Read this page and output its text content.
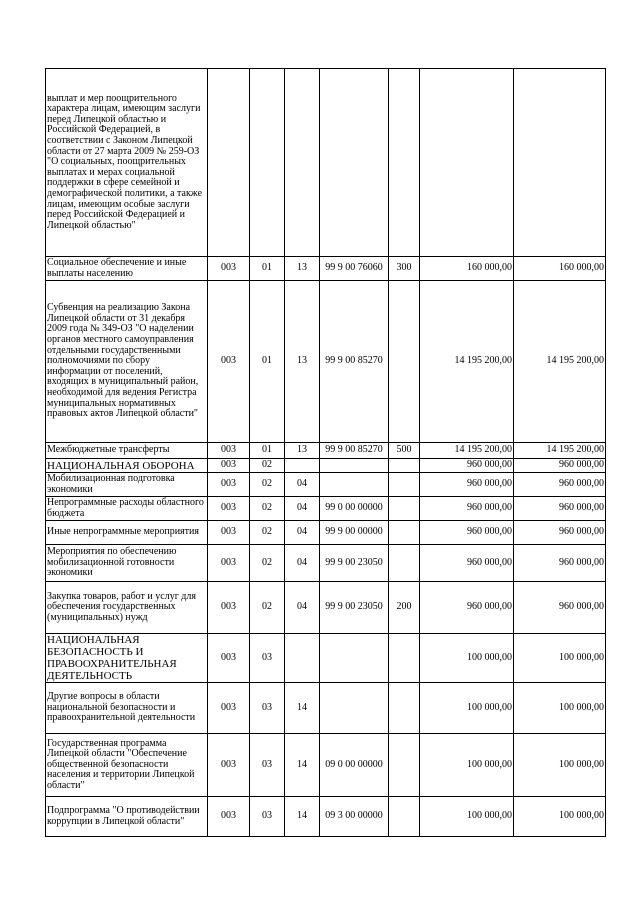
выплат и мер поощрительного характера лицам, имеющим заслуги перед Липецкой областью и Российской Федерацией, в соответствии с Законом Липецкой области от 27 марта 2009 № 259-ОЗ "О социальных, поощрительных выплатах и мерах социальной поддержки в сфере семейной и демографической политики, а также лицам, имеющим особые заслуги перед Российской Федерацией и Липецкой областью"							
Социальное обеспечение и иные выплаты населению	003	01	13	99 9 00 76060	300	160 000,00	160 000,00
Субвенция на реализацию Закона Липецкой области от 31 декабря 2009 года № 349-ОЗ "О наделении органов местного самоуправления отдельными государственными полномочиями по сбору информации от поселений, входящих в муниципальный район, необходимой для ведения Регистра муниципальных нормативных правовых актов Липецкой области"	003	01	13	99 9 00 85270		14 195 200,00	14 195 200,00
Межбюджетные трансферты	003	01	13	99 9 00 85270	500	14 195 200,00	14 195 200,00
НАЦИОНАЛЬНАЯ ОБОРОНА	003	02				960 000,00	960 000,00
Мобилизационная подготовка экономики	003	02	04			960 000,00	960 000,00
Непрограммные расходы областного бюджета	003	02	04	99 0 00 00000		960 000,00	960 000,00
Иные непрограммные мероприятия	003	02	04	99 9 00 00000		960 000,00	960 000,00
Мероприятия по обеспечению мобилизационной готовности экономики	003	02	04	99 9 00 23050		960 000,00	960 000,00
Закупка товаров, работ и услуг для обеспечения государственных (муниципальных) нужд	003	02	04	99 9 00 23050	200	960 000,00	960 000,00
НАЦИОНАЛЬНАЯ БЕЗОПАСНОСТЬ И ПРАВООХРАНИТЕЛЬНАЯ ДЕЯТЕЛЬНОСТЬ	003	03				100 000,00	100 000,00
Другие вопросы в области национальной безопасности и правоохранительной деятельности	003	03	14			100 000,00	100 000,00
Государственная программа Липецкой области "Обеспечение общественной безопасности населения и территории Липецкой области"	003	03	14	09 0 00 00000		100 000,00	100 000,00
Подпрограмма "О противодействии коррупции в Липецкой области"	003	03	14	09 3 00 00000		100 000,00	100 000,00
